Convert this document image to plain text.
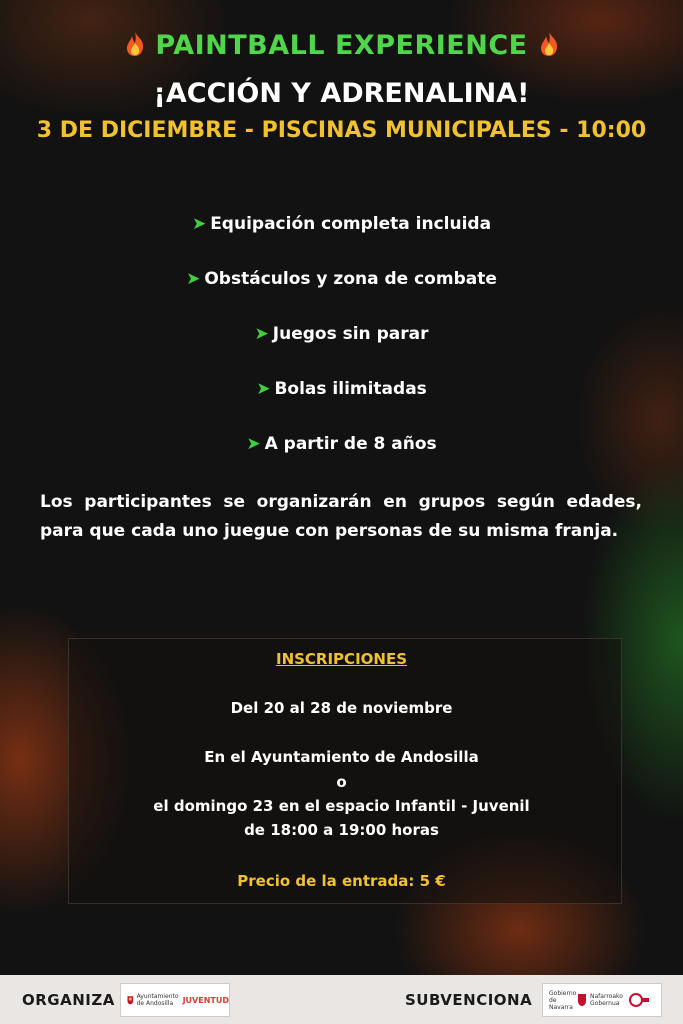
PAINTBALL EXPERIENCE
¡ACCIÓN Y ADRENALINA!
3 DE DICIEMBRE - PISCINAS MUNICIPALES - 10:00
➤ Equipación completa incluida
➤ Obstáculos y zona de combate
➤ Juegos sin parar
➤ Bolas ilimitadas
➤ A partir de 8 años
Los participantes se organizarán en grupos según edades, para que cada uno juegue con personas de su misma franja.
INSCRIPCIONES
Del 20 al 28 de noviembre
En el Ayuntamiento de Andosilla
o
el domingo 23 en el espacio Infantil - Juvenil
de 18:00 a 19:00 horas
Precio de la entrada: 5 €
ORGANIZA	Ayuntamiento de Andosilla	JUVENTUD	SUBVENCIONA	Gobierno de Navarra
Nafarroako Gobernua
